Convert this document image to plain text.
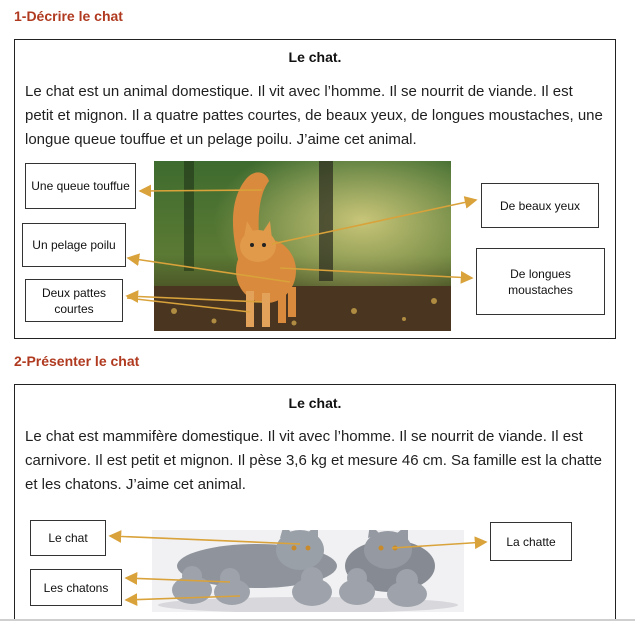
1-Décrire le chat
Le chat.
Le chat est un animal domestique. Il vit avec l’homme. Il se nourrit de viande. Il est petit et mignon. Il a quatre pattes courtes, de beaux yeux, de longues moustaches, une longue queue touffue et un pelage poilu. J’aime cet animal.
Une queue touffue
Un pelage poilu
Deux pattes courtes
De beaux yeux
De longues moustaches
2-Présenter le chat
Le chat.
Le chat est mammifère domestique. Il vit avec l’homme. Il se nourrit de viande. Il est carnivore. Il est petit et mignon. Il pèse 3,6 kg et mesure 46 cm. Sa famille est la chatte et les chatons. J’aime cet animal.
Le chat
Les chatons
La chatte
